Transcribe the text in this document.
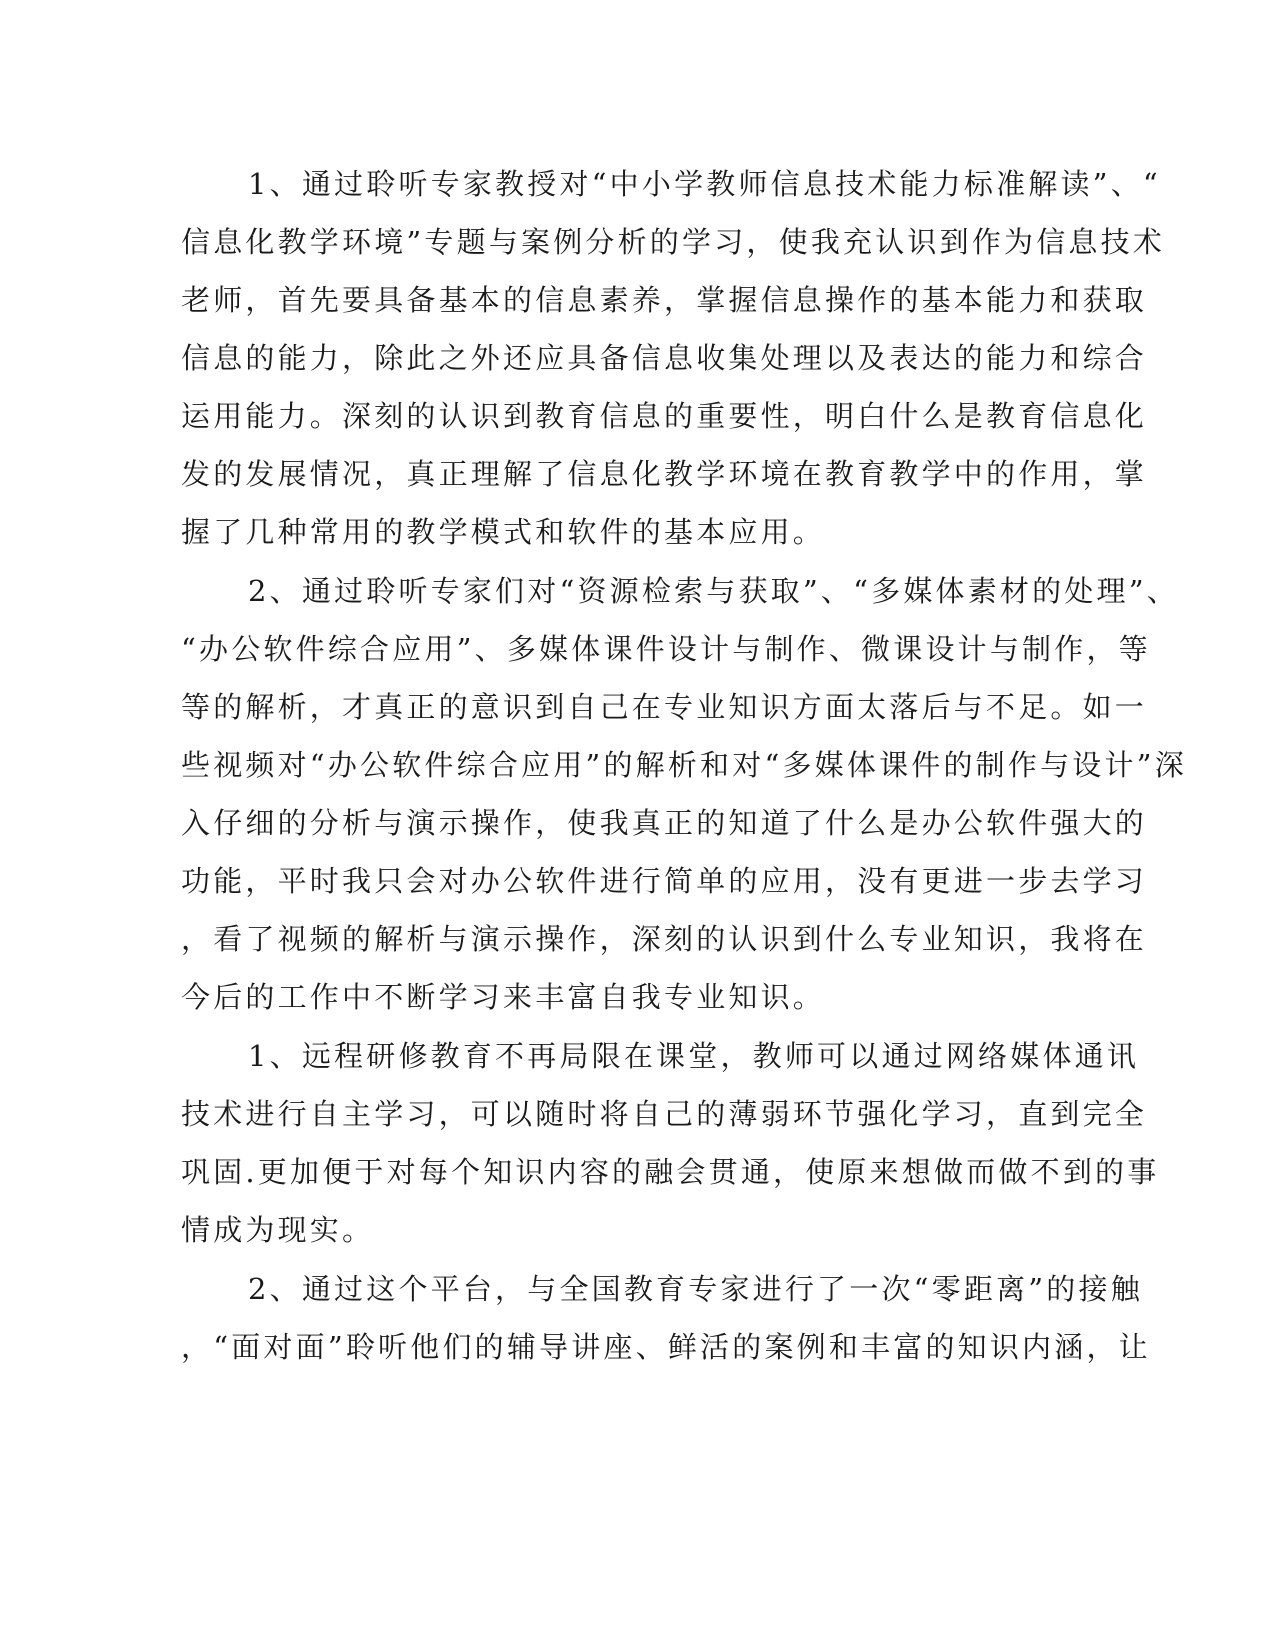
1、通过聆听专家教授对“中小学教师信息技术能力标准解读”、“
信息化教学环境”专题与案例分析的学习，使我充认识到作为信息技术
老师，首先要具备基本的信息素养，掌握信息操作的基本能力和获取
信息的能力，除此之外还应具备信息收集处理以及表达的能力和综合
运用能力。深刻的认识到教育信息的重要性，明白什么是教育信息化
发的发展情况，真正理解了信息化教学环境在教育教学中的作用，掌
握了几种常用的教学模式和软件的基本应用。
2、通过聆听专家们对“资源检索与获取”、“多媒体素材的处理”、
“办公软件综合应用”、多媒体课件设计与制作、微课设计与制作，等
等的解析，才真正的意识到自己在专业知识方面太落后与不足。如一
些视频对“办公软件综合应用”的解析和对“多媒体课件的制作与设计”深
入仔细的分析与演示操作，使我真正的知道了什么是办公软件强大的
功能，平时我只会对办公软件进行简单的应用，没有更进一步去学习
，看了视频的解析与演示操作，深刻的认识到什么专业知识，我将在
今后的工作中不断学习来丰富自我专业知识。
1、远程研修教育不再局限在课堂，教师可以通过网络媒体通讯
技术进行自主学习，可以随时将自己的薄弱环节强化学习，直到完全
巩固.更加便于对每个知识内容的融会贯通，使原来想做而做不到的事
情成为现实。
2、通过这个平台，与全国教育专家进行了一次“零距离”的接触
，“面对面”聆听他们的辅导讲座、鲜活的案例和丰富的知识内涵，让
